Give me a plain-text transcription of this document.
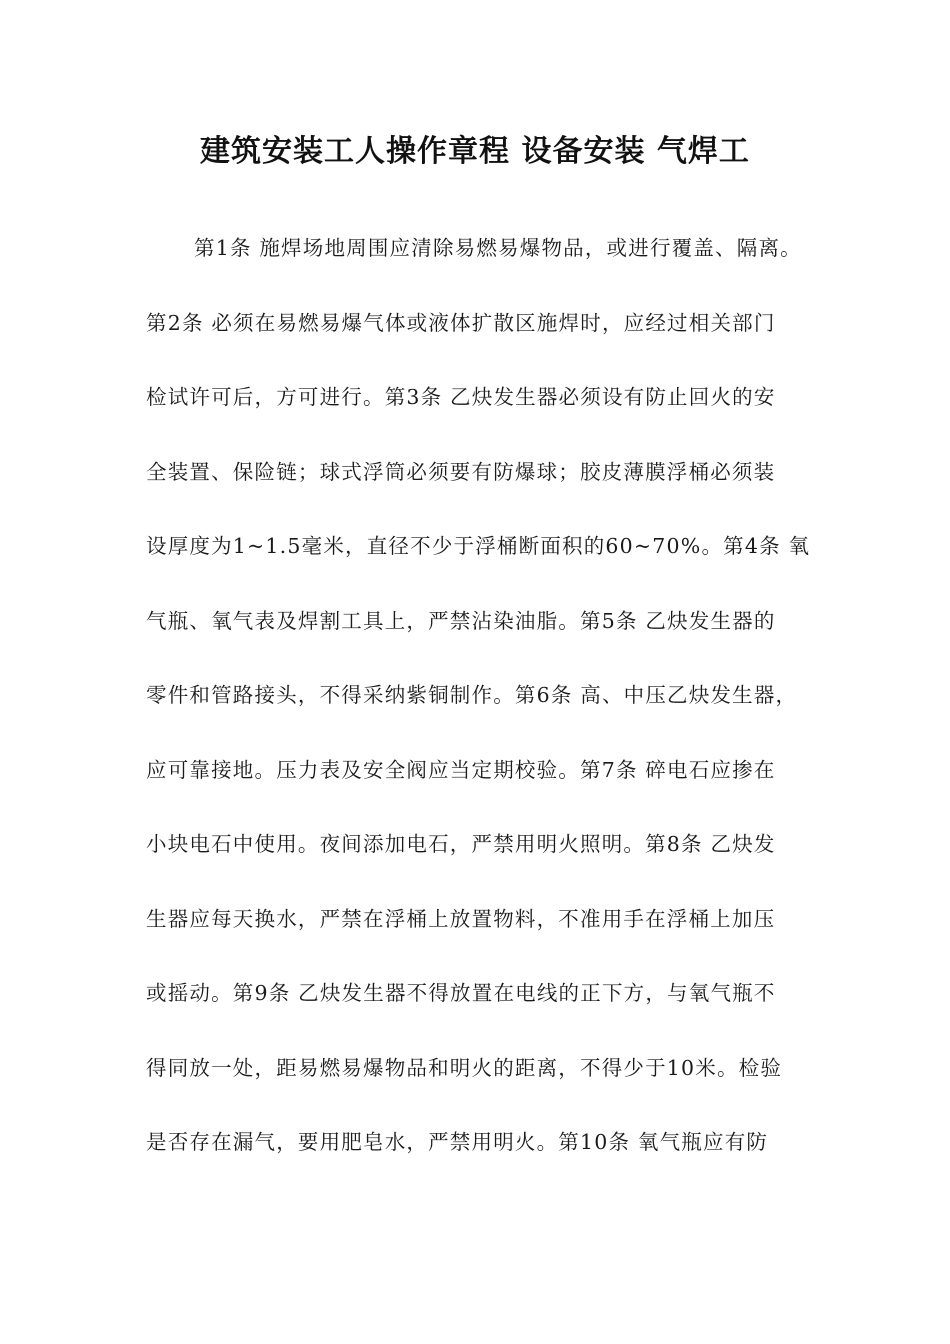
建筑安装工人操作章程 设备安装 气焊工
第1条 施焊场地周围应清除易燃易爆物品，或进行覆盖、隔离。
第2条 必须在易燃易爆气体或液体扩散区施焊时，应经过相关部门
检试许可后，方可进行。第3条 乙炔发生器必须设有防止回火的安
全装置、保险链；球式浮筒必须要有防爆球；胶皮薄膜浮桶必须装
设厚度为1~1.5毫米，直径不少于浮桶断面积的60~70%。第4条 氧
气瓶、氧气表及焊割工具上，严禁沾染油脂。第5条 乙炔发生器的
零件和管路接头，不得采纳紫铜制作。第6条 高、中压乙炔发生器，
应可靠接地。压力表及安全阀应当定期校验。第7条 碎电石应掺在
小块电石中使用。夜间添加电石，严禁用明火照明。第8条 乙炔发
生器应每天换水，严禁在浮桶上放置物料，不准用手在浮桶上加压
或摇动。第9条 乙炔发生器不得放置在电线的正下方，与氧气瓶不
得同放一处，距易燃易爆物品和明火的距离，不得少于10米。检验
是否存在漏气，要用肥皂水，严禁用明火。第10条 氧气瓶应有防
